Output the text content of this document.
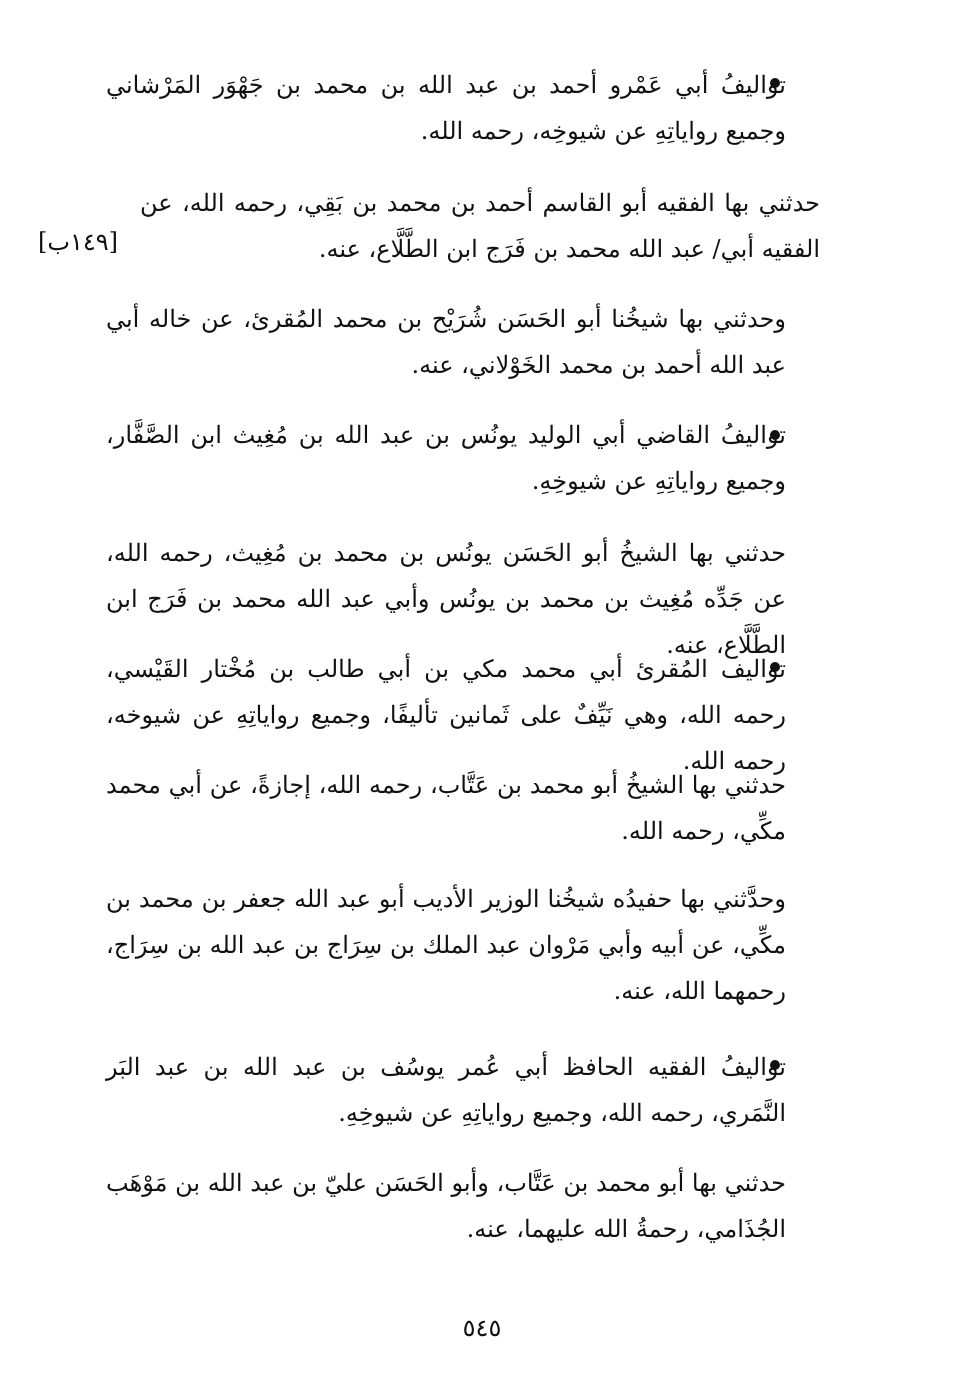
تواليفُ أبي عَمْرو أحمد بن عبد الله بن محمد بن جَهْوَر المَرْشاني وجميع رواياتِهِ عن شيوخِه، رحمه الله.

حدثني بها الفقيه أبو القاسم أحمد بن محمد بن بَقِي، رحمه الله، عن الفقيه أبي/ عبد الله محمد بن فَرَج ابن الطَّلَّاع، عنه.

[١٤٩ب]

وحدثني بها شيخُنا أبو الحَسَن شُرَيْح بن محمد المُقرئ، عن خاله أبي عبد الله أحمد بن محمد الخَوْلاني، عنه.

تواليفُ القاضي أبي الوليد يونُس بن عبد الله بن مُغِيث ابن الصَّفَّار، وجميع رواياتِهِ عن شيوخِهِ.

حدثني بها الشيخُ أبو الحَسَن يونُس بن محمد بن مُغِيث، رحمه الله، عن جَدِّه مُغِيث بن محمد بن يونُس وأبي عبد الله محمد بن فَرَج ابن الطَّلَّاع، عنه.

تواليف المُقرئ أبي محمد مكي بن أبي طالب بن مُخْتار القَيْسي، رحمه الله، وهي نَيِّفٌ على ثَمانين تأليفًا، وجميع رواياتِهِ عن شيوخه، رحمه الله.

حدثني بها الشيخُ أبو محمد بن عَتَّاب، رحمه الله، إجازةً، عن أبي محمد مكِّي، رحمه الله.

وحدَّثني بها حفيدُه شيخُنا الوزير الأديب أبو عبد الله جعفر بن محمد بن مكِّي، عن أبيه وأبي مَرْوان عبد الملك بن سِرَاج بن عبد الله بن سِرَاج، رحمهما الله، عنه.

تواليفُ الفقيه الحافظ أبي عُمر يوسُف بن عبد الله بن عبد البَر النَّمَري، رحمه الله، وجميع رواياتِهِ عن شيوخِهِ.

حدثني بها أبو محمد بن عَتَّاب، وأبو الحَسَن عليّ بن عبد الله بن مَوْهَب الجُذَامي، رحمةُ الله عليهما، عنه.

٥٤٥
